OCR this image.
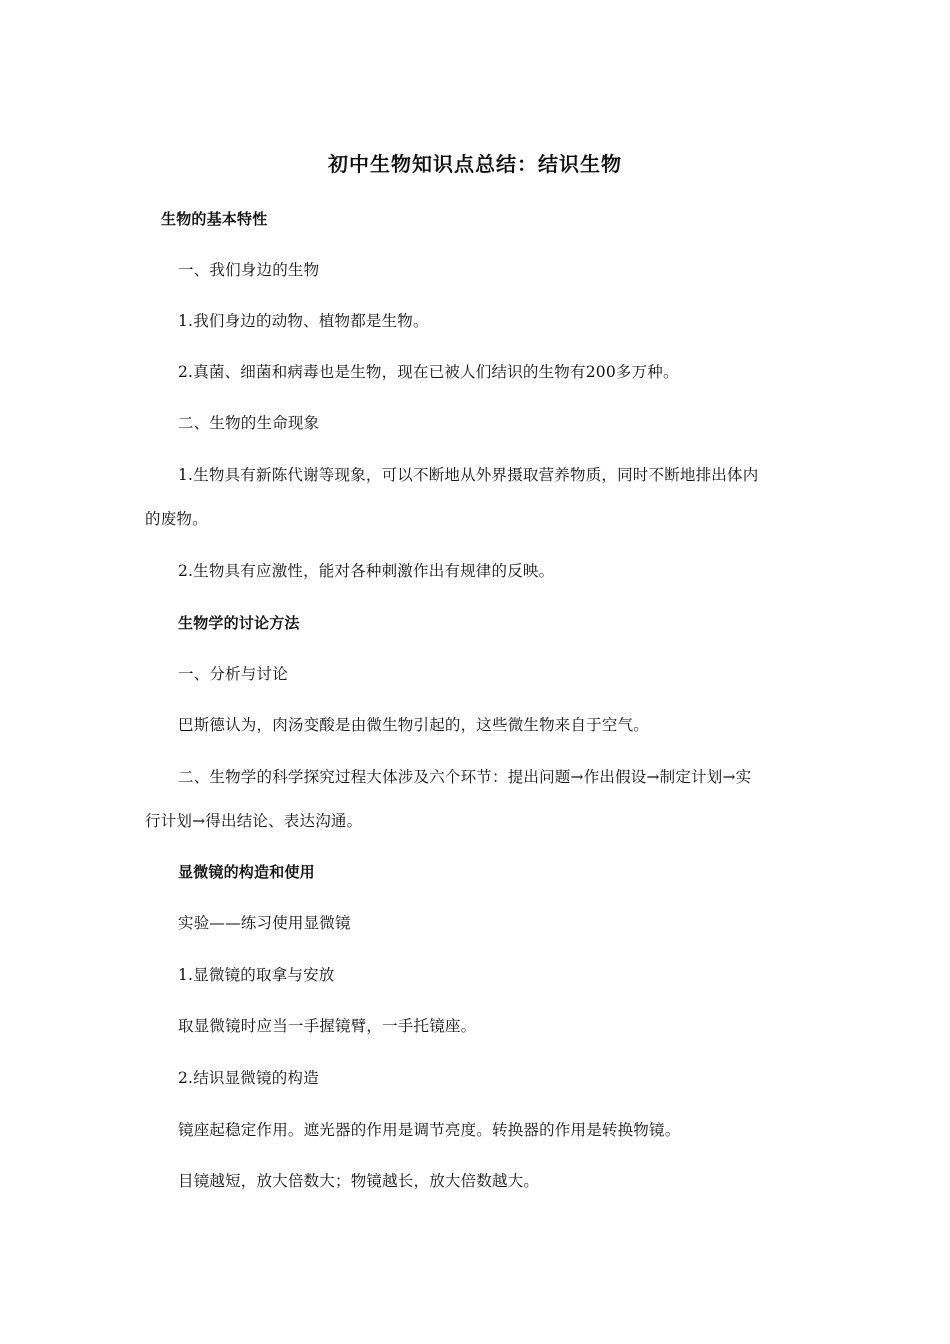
初中生物知识点总结：结识生物
生物的基本特性
一、我们身边的生物
1.我们身边的动物、植物都是生物。
2.真菌、细菌和病毒也是生物，现在已被人们结识的生物有200多万种。
二、生物的生命现象
1.生物具有新陈代谢等现象，可以不断地从外界摄取营养物质，同时不断地排出体内
的废物。
2.生物具有应激性，能对各种刺激作出有规律的反映。
生物学的讨论方法
一、分析与讨论
巴斯德认为，肉汤变酸是由微生物引起的，这些微生物来自于空气。
二、生物学的科学探究过程大体涉及六个环节：提出问题→作出假设→制定计划→实
行计划→得出结论、表达沟通。
显微镜的构造和使用
实验——练习使用显微镜
1.显微镜的取拿与安放
取显微镜时应当一手握镜臂，一手托镜座。
2.结识显微镜的构造
镜座起稳定作用。遮光器的作用是调节亮度。转换器的作用是转换物镜。
目镜越短，放大倍数大；物镜越长，放大倍数越大。
